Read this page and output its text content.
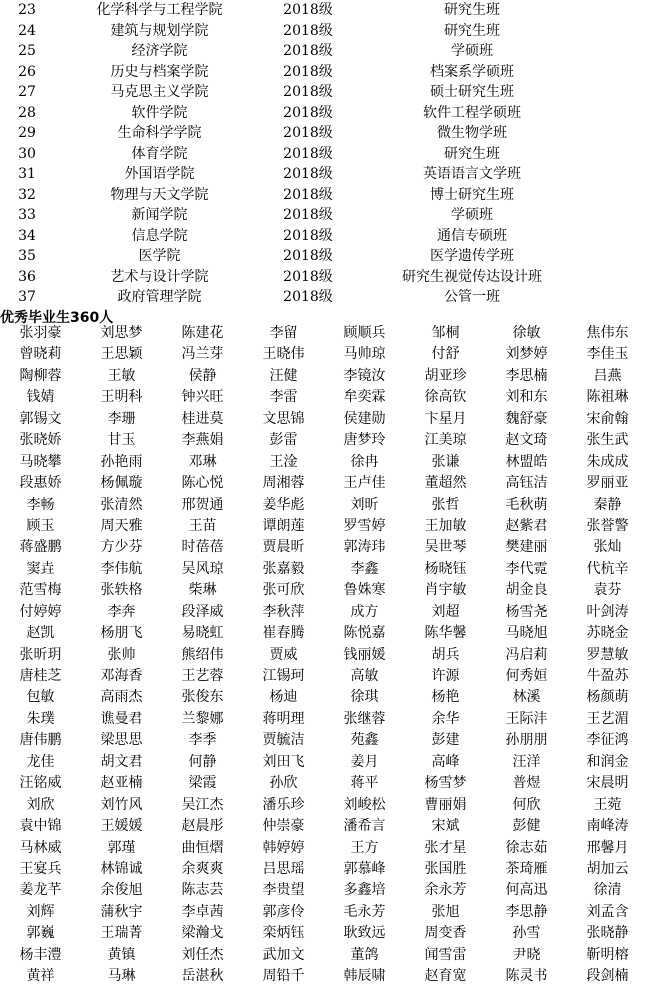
23	化学科学与工程学院	2018级	研究生班
24	建筑与规划学院	2018级	研究生班
25	经济学院	2018级	学硕班
26	历史与档案学院	2018级	档案系学硕班
27	马克思主义学院	2018级	硕士研究生班
28	软件学院	2018级	软件工程学硕班
29	生命科学学院	2018级	微生物学班
30	体育学院	2018级	研究生班
31	外国语学院	2018级	英语语言文学班
32	物理与天文学院	2018级	博士研究生班
33	新闻学院	2018级	学硕班
34	信息学院	2018级	通信专硕班
35	医学院	2018级	医学遗传学班
36	艺术与设计学院	2018级	研究生视觉传达设计班
37	政府管理学院	2018级	公管一班
优秀毕业生360人
张羽豪	刘思梦	陈建花	李留	顾顺兵	邹桐	徐敏	焦伟东
曾晓莉	王思颖	冯兰芽	王晓伟	马帅琼	付舒	刘梦婷	李佳玉
陶柳蓉	王敏	侯静	汪健	李镜汝	胡亚珍	李思楠	吕燕
钱婧	王明科	钟兴旺	李雷	牟奕霖	徐高钦	刘和东	陈祖琳
郭锡文	李珊	桂进莫	文思锦	侯建勋	卞星月	魏舒豪	宋俞翰
张晓娇	甘玉	李燕娟	彭雷	唐梦玲	江美琼	赵文琦	张生武
马晓攀	孙艳雨	邓琳	王淦	徐冉	张谦	林盟皓	朱成成
段惠娇	杨佩璇	陈心悦	周湘蓉	王卢佳	董超然	高钰洁	罗丽亚
李畅	张清然	邢贺通	姜华彪	刘昕	张哲	毛秋萌	秦静
顾玉	周天雅	王苗	谭朗莲	罗雪婷	王加敏	赵紫君	张誉警
蒋盛鹏	方少芬	时蓓蓓	贾晨昕	郭涛玮	吴世琴	樊建丽	张灿
窦垚	李伟航	吴风琼	张嘉毅	李鑫	杨晓钰	李代霓	代杭辛
范雪梅	张轶格	柴琳	张可欣	鲁姝寒	肖宇敏	胡金良	袁芬
付婷婷	李奔	段泽威	李秋萍	成方	刘超	杨雪尧	叶剑涛
赵凯	杨朋飞	易晓虹	崔春腾	陈悦嘉	陈华馨	马晓旭	苏晓金
张昕玥	张帅	熊绍伟	贾威	钱丽媛	胡兵	冯启莉	罗慧敏
唐桂芝	邓海香	王艺蓉	江锡珂	高敏	许源	何秀姮	牛盈苏
包敏	高雨杰	张俊东	杨迪	徐琪	杨艳	林溪	杨颜萌
朱璞	谯曼君	兰黎娜	蒋明理	张继蓉	余华	王际沣	王艺湄
唐伟鹏	梁思思	李季	贾毓洁	苑鑫	彭建	孙朋朋	李征鸿
龙佳	胡文君	何静	刘田飞	姜月	高峰	汪洋	和润金
汪铭威	赵亚楠	梁霞	孙欣	蒋平	杨雪梦	普煜	宋晨明
刘欣	刘竹风	吴江杰	潘乐珍	刘峻松	曹丽娟	何欣	王菀
袁中锦	王媛媛	赵晨彤	仲崇豪	潘希言	宋斌	彭健	南峰涛
马林威	郭瑾	曲恒熠	韩婷婷	王方	张才星	徐志茹	邢馨月
王宴兵	林锦诚	余爽爽	吕思瑶	郭慕峰	张国胜	茶琦雁	胡加云
姜龙芊	余俊旭	陈志芸	李贵望	多鑫培	余永芳	何高迅	徐清
刘辉	蒲秋宇	李卓茜	郭彦伶	毛永芳	张旭	李思静	刘孟含
郭巍	王瑞菁	梁瀚戈	栾炳钰	耿致远	周变香	孙雪	张晓静
杨丰澧	黄镇	刘任杰	武加文	董鸽	闻雪雷	尹晓	靳明榕
黄祥	马琳	岳湛秋	周铅千	韩辰啸	赵育宽	陈灵书	段剑楠
